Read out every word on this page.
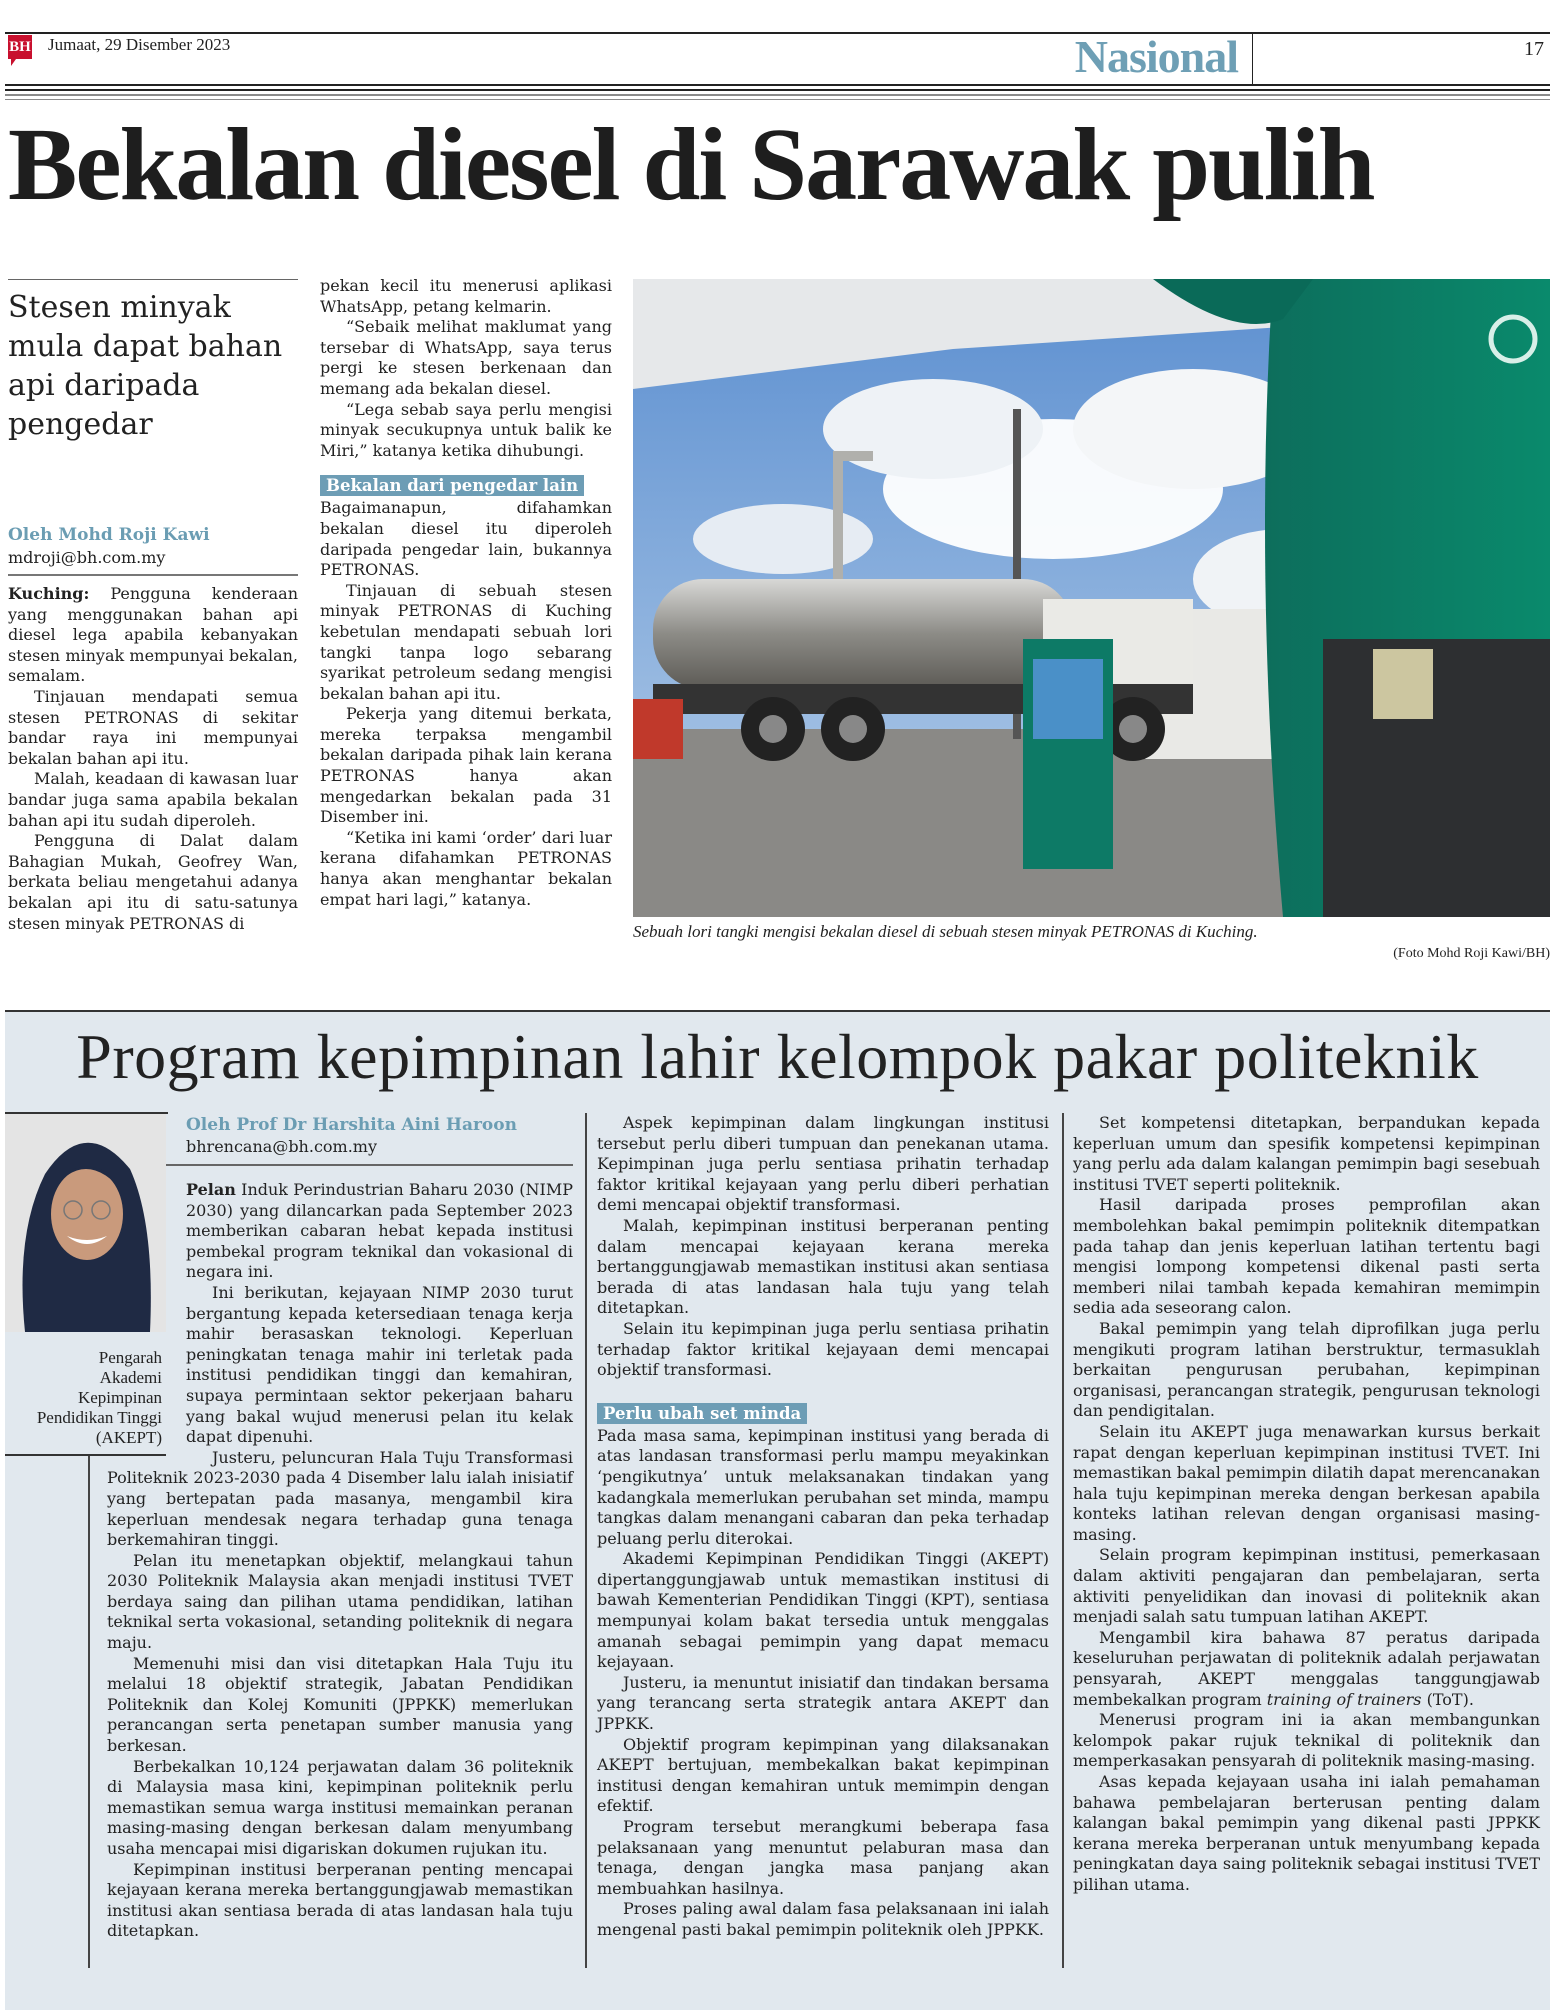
BH Jumaat, 29 Disember 2023	Nasional	17
Bekalan diesel di Sarawak pulih
Stesen minyak mula dapat bahan api daripada pengedar
Oleh Mohd Roji Kawi
mdroji@bh.com.my

Kuching: Pengguna kenderaan yang menggunakan bahan api diesel lega apabila kebanyakan stesen minyak mempunyai bekalan, semalam.

Tinjauan mendapati semua stesen PETRONAS di sekitar bandar raya ini mempunyai bekalan bahan api itu.

Malah, keadaan di kawasan luar bandar juga sama apabila bekalan bahan api itu sudah diperoleh.

Pengguna di Dalat dalam Bahagian Mukah, Geofrey Wan, berkata beliau mengetahui adanya bekalan api itu di satu-satunya stesen minyak PETRONAS di

pekan kecil itu menerusi aplikasi WhatsApp, petang kelmarin.

“Sebaik melihat maklumat yang tersebar di WhatsApp, saya terus pergi ke stesen berkenaan dan memang ada bekalan diesel.

“Lega sebab saya perlu mengisi minyak secukupnya untuk balik ke Miri,” katanya ketika dihubungi.

Bekalan dari pengedar lain

Bagaimanapun, difahamkan bekalan diesel itu diperoleh daripada pengedar lain, bukannya PETRONAS.

Tinjauan di sebuah stesen minyak PETRONAS di Kuching kebetulan mendapati sebuah lori tangki tanpa logo sebarang syarikat petroleum sedang mengisi bekalan bahan api itu.

Pekerja yang ditemui berkata, mereka terpaksa mengambil bekalan daripada pihak lain kerana PETRONAS hanya akan mengedarkan bekalan pada 31 Disember ini.

“Ketika ini kami ‘order’ dari luar kerana difahamkan PETRONAS hanya akan menghantar bekalan empat hari lagi,” katanya.

Sebuah lori tangki mengisi bekalan diesel di sebuah stesen minyak PETRONAS di Kuching.
(Foto Mohd Roji Kawi/BH)
Program kepimpinan lahir kelompok pakar politeknik
Pengarah
Akademi
Kepimpinan
Pendidikan Tinggi
(AKEPT)
Oleh Prof Dr Harshita Aini Haroon
bhrencana@bh.com.my

Pelan Induk Perindustrian Baharu 2030 (NIMP 2030) yang dilancarkan pada September 2023 memberikan cabaran hebat kepada institusi pembekal program teknikal dan vokasional di negara ini.

Ini berikutan, kejayaan NIMP 2030 turut bergantung kepada ketersediaan tenaga kerja mahir berasaskan teknologi. Keperluan peningkatan tenaga mahir ini terletak pada institusi pendidikan tinggi dan kemahiran, supaya permintaan sektor pekerjaan baharu yang bakal wujud menerusi pelan itu kelak dapat dipenuhi.

Justeru, peluncuran Hala Tuju Transformasi Politeknik 2023-2030 pada 4 Disember lalu ialah inisiatif yang bertepatan pada masanya, mengambil kira keperluan mendesak negara terhadap guna tenaga berkemahiran tinggi.

Pelan itu menetapkan objektif, melangkaui tahun 2030 Politeknik Malaysia akan menjadi institusi TVET berdaya saing dan pilihan utama pendidikan, latihan teknikal serta vokasional, setanding politeknik di negara maju.

Memenuhi misi dan visi ditetapkan Hala Tuju itu melalui 18 objektif strategik, Jabatan Pendidikan Politeknik dan Kolej Komuniti (JPPKK) memerlukan perancangan serta penetapan sumber manusia yang berkesan.

Berbekalkan 10,124 perjawatan dalam 36 politeknik di Malaysia masa kini, kepimpinan politeknik perlu memastikan semua warga institusi memainkan peranan masing-masing dengan berkesan dalam menyumbang usaha mencapai misi digariskan dokumen rujukan itu.

Kepimpinan institusi berperanan penting mencapai kejayaan kerana mereka bertanggungjawab memastikan institusi akan sentiasa berada di atas landasan hala tuju ditetapkan.

Aspek kepimpinan dalam lingkungan institusi tersebut perlu diberi tumpuan dan penekanan utama. Kepimpinan juga perlu sentiasa prihatin terhadap faktor kritikal kejayaan yang perlu diberi perhatian demi mencapai objektif transformasi.

Malah, kepimpinan institusi berperanan penting dalam mencapai kejayaan kerana mereka bertanggungjawab memastikan institusi akan sentiasa berada di atas landasan hala tuju yang telah ditetapkan.

Selain itu kepimpinan juga perlu sentiasa prihatin terhadap faktor kritikal kejayaan demi mencapai objektif transformasi.

Perlu ubah set minda

Pada masa sama, kepimpinan institusi yang berada di atas landasan transformasi perlu mampu meyakinkan ‘pengikutnya’ untuk melaksanakan tindakan yang kadangkala memerlukan perubahan set minda, mampu tangkas dalam menangani cabaran dan peka terhadap peluang perlu diterokai.

Akademi Kepimpinan Pendidikan Tinggi (AKEPT) dipertanggungjawab untuk memastikan institusi di bawah Kementerian Pendidikan Tinggi (KPT), sentiasa mempunyai kolam bakat tersedia untuk menggalas amanah sebagai pemimpin yang dapat memacu kejayaan.

Justeru, ia menuntut inisiatif dan tindakan bersama yang terancang serta strategik antara AKEPT dan JPPKK.

Objektif program kepimpinan yang dilaksanakan AKEPT bertujuan, membekalkan bakat kepimpinan institusi dengan kemahiran untuk memimpin dengan efektif.

Program tersebut merangkumi beberapa fasa pelaksanaan yang menuntut pelaburan masa dan tenaga, dengan jangka masa panjang akan membuahkan hasilnya.

Proses paling awal dalam fasa pelaksanaan ini ialah mengenal pasti bakal pemimpin politeknik oleh JPPKK.

Set kompetensi ditetapkan, berpandukan kepada keperluan umum dan spesifik kompetensi kepimpinan yang perlu ada dalam kalangan pemimpin bagi sesebuah institusi TVET seperti politeknik.

Hasil daripada proses pemprofilan akan membolehkan bakal pemimpin politeknik ditempatkan pada tahap dan jenis keperluan latihan tertentu bagi mengisi lompong kompetensi dikenal pasti serta memberi nilai tambah kepada kemahiran memimpin sedia ada seseorang calon.

Bakal pemimpin yang telah diprofilkan juga perlu mengikuti program latihan berstruktur, termasuklah berkaitan pengurusan perubahan, kepimpinan organisasi, perancangan strategik, pengurusan teknologi dan pendigitalan.

Selain itu AKEPT juga menawarkan kursus berkait rapat dengan keperluan kepimpinan institusi TVET. Ini memastikan bakal pemimpin dilatih dapat merencanakan hala tuju kepimpinan mereka dengan berkesan apabila konteks latihan relevan dengan organisasi masing-masing.

Selain program kepimpinan institusi, pemerkasaan dalam aktiviti pengajaran dan pembelajaran, serta aktiviti penyelidikan dan inovasi di politeknik akan menjadi salah satu tumpuan latihan AKEPT.

Mengambil kira bahawa 87 peratus daripada keseluruhan perjawatan di politeknik adalah perjawatan pensyarah, AKEPT menggalas tanggungjawab membekalkan program training of trainers (ToT).

Menerusi program ini ia akan membangunkan kelompok pakar rujuk teknikal di politeknik dan memperkasakan pensyarah di politeknik masing-masing.

Asas kepada kejayaan usaha ini ialah pemahaman bahawa pembelajaran berterusan penting dalam kalangan bakal pemimpin yang dikenal pasti JPPKK kerana mereka berperanan untuk menyumbang kepada peningkatan daya saing politeknik sebagai institusi TVET pilihan utama.
